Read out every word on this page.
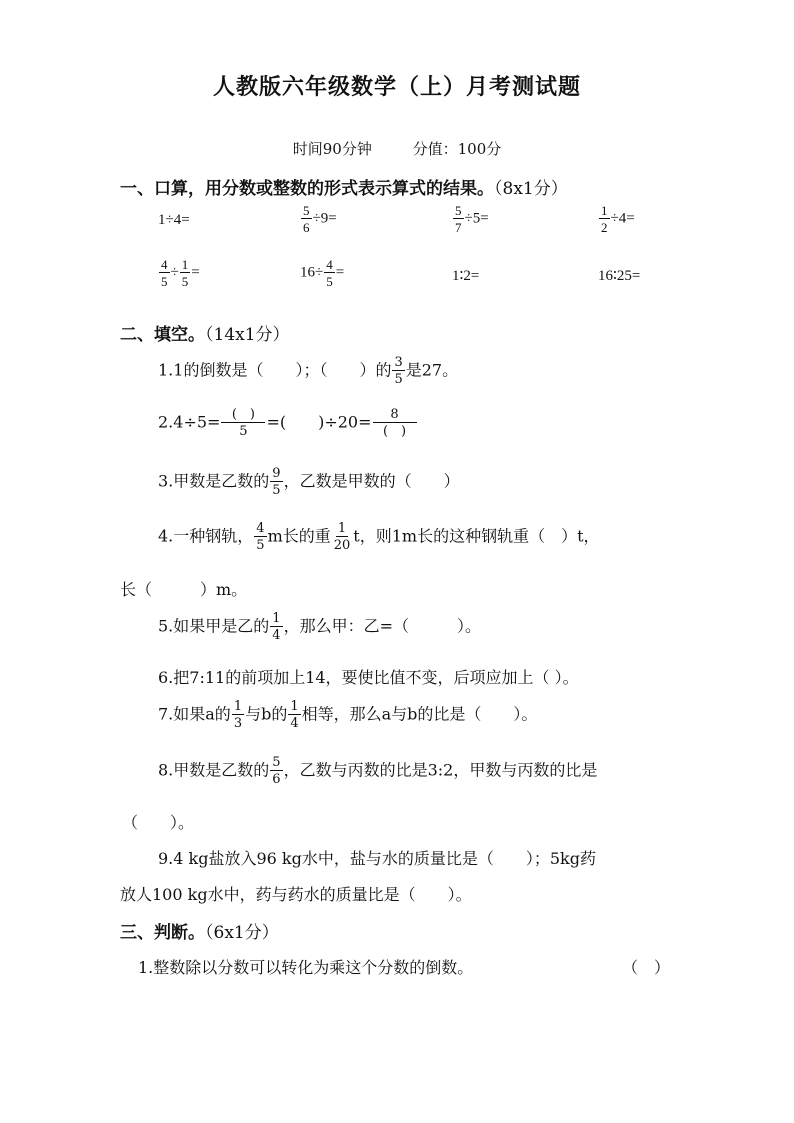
人教版六年级数学（上）月考测试题
时间90分钟	分值：100分
一、口算，用分数或整数的形式表示算式的结果。（8x1分）
1÷4=	$\frac{5}{6} \div 9=$	$\frac{5}{7} \div 5=$	$\frac{1}{2} \div 4=$
$\frac{4}{5} \div \frac{1}{5}$ =	$16\div \frac{4}{5}$ =	1∶2=	16∶25=
二、填空。（14x1分）
1.1的倒数是（　　）；（　　）的 $\frac{3}{5}$ 是27。
$2.4\div 5= \frac{( )}{5}$ =(　　)$\div 20= \frac{8}{( )}$
3.甲数是乙数的 $\frac{9}{5}$ ，乙数是甲数的（　　）
4.一种钢轨， $\frac{4}{5}$ m长的重 $\frac{1}{20}$ t，则1m长的这种钢轨重（　）t，
长（　　　）m。
5.如果甲是乙的 $\frac{1}{4}$ ，那么甲：乙=（　　　）。
6.把7:11的前项加上14，要使比值不变，后项应加上（ ）。
7.如果a的 $\frac{1}{3}$ 与b的 $\frac{1}{4}$ 相等，那么a与b的比是（　　）。
8.甲数是乙数的 $\frac{5}{6}$ ，乙数与丙数的比是3:2，甲数与丙数的比是
（　　）。
9.4 kg盐放入96 kg水中，盐与水的质量比是（　　）；5kg药
放人100 kg水中，药与药水的质量比是（　　）。
三、判断。（6x1分）
1.整数除以分数可以转化为乘这个分数的倒数。	（　）
